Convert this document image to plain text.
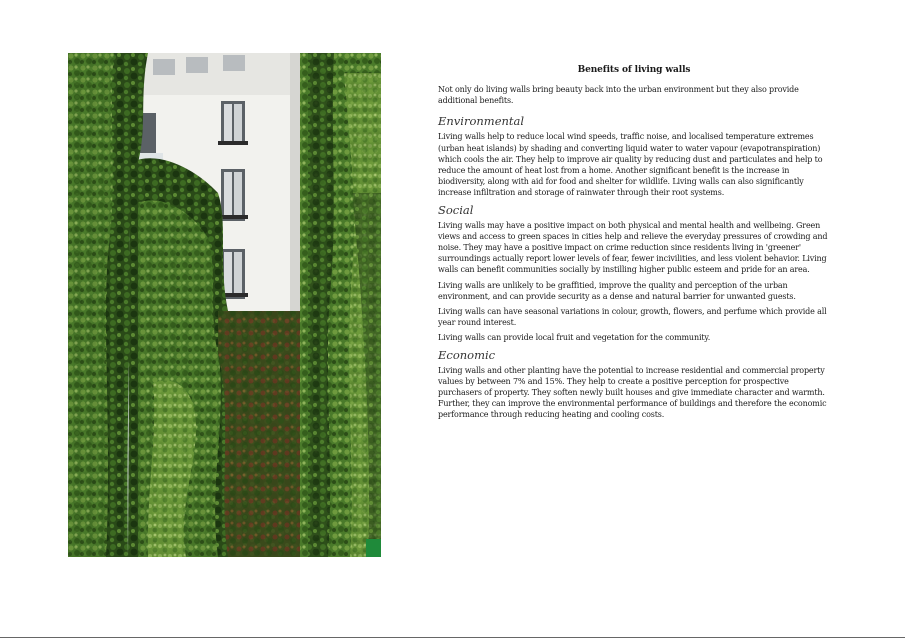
Benefits of living walls

Not only do living walls bring beauty back into the urban environment but they also provide additional benefits.

Environmental

Living walls help to reduce local wind speeds, traffic noise, and localised temperature extremes (urban heat islands) by shading and converting liquid water to water vapour (evapotranspiration) which cools the air. They help to improve air quality by reducing dust and particulates and help to reduce the amount of heat lost from a home. Another significant benefit is the increase in biodiversity, along with aid for food and shelter for wildlife. Living walls can also significantly increase infiltration and storage of rainwater through their root systems.

Social

Living walls may have a positive impact on both physical and mental health and wellbeing. Green views and access to green spaces in cities help and relieve the everyday pressures of crowding and noise. They may have a positive impact on crime reduction since residents living in 'greener' surroundings actually report lower levels of fear, fewer incivilities, and less violent behavior. Living walls can benefit communities socially by instilling higher public esteem and pride for an area.

Living walls are unlikely to be graffitied, improve the quality and perception of the urban environment, and can provide security as a dense and natural barrier for unwanted guests.

Living walls can have seasonal variations in colour, growth, flowers, and perfume which provide all year round interest.

Living walls can provide local fruit and vegetation for the community.

Economic

Living walls and other planting have the potential to increase residential and commercial property values by between 7% and 15%. They help to create a positive perception for prospective purchasers of property. They soften newly built houses and give immediate character and warmth. Further, they can improve the environmental performance of buildings and therefore the economic performance through reducing heating and cooling costs.
